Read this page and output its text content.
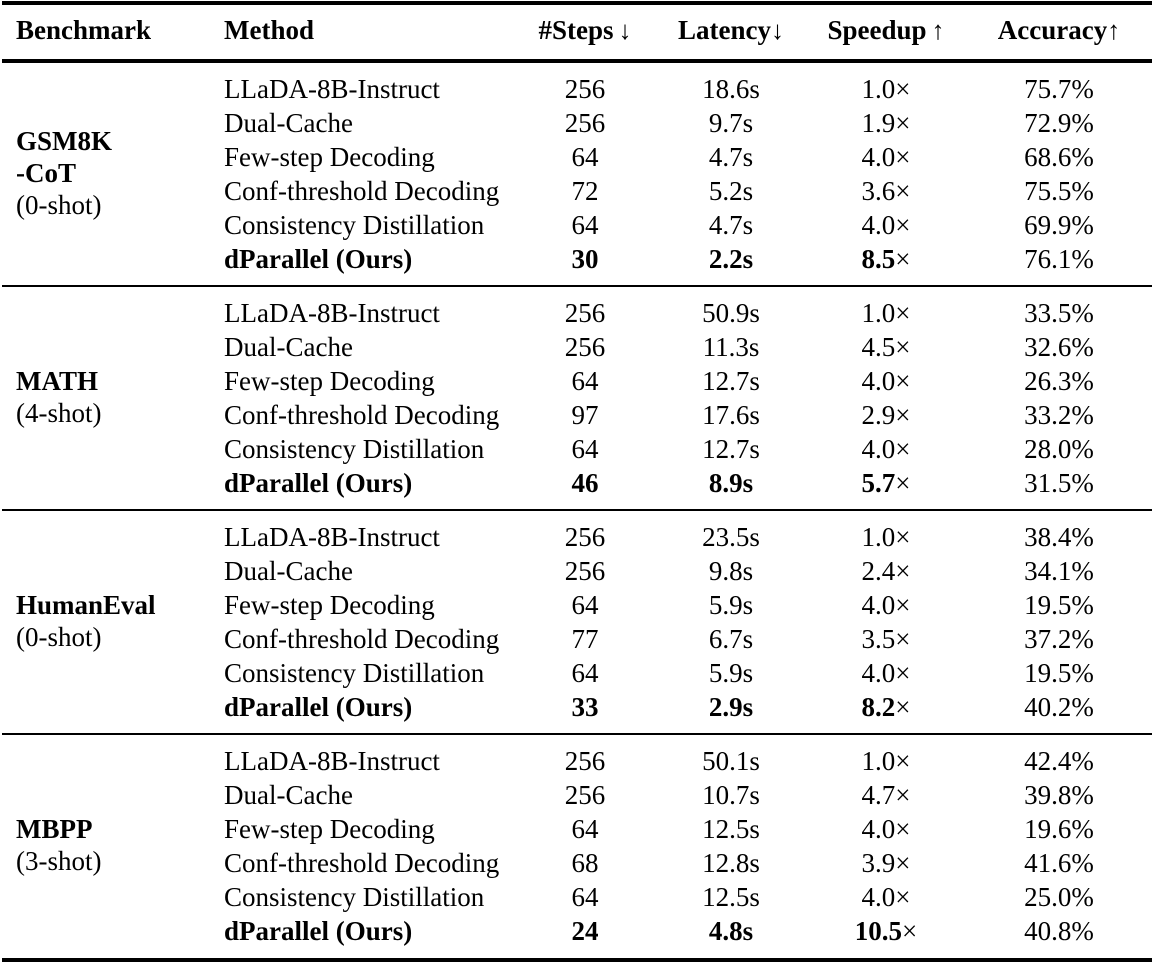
Benchmark	Method	#Steps ↓	Latency↓	Speedup ↑	Accuracy↑

GSM8K
-CoT
(0-shot)	LLaDA-8B-Instruct	256	18.6s	1.0×	75.7%
	Dual-Cache	256	9.7s	1.9×	72.9%
	Few-step Decoding	64	4.7s	4.0×	68.6%
	Conf-threshold Decoding	72	5.2s	3.6×	75.5%
	Consistency Distillation	64	4.7s	4.0×	69.9%
	dParallel (Ours)	30	2.2s	8.5×	76.1%

MATH
(4-shot)	LLaDA-8B-Instruct	256	50.9s	1.0×	33.5%
	Dual-Cache	256	11.3s	4.5×	32.6%
	Few-step Decoding	64	12.7s	4.0×	26.3%
	Conf-threshold Decoding	97	17.6s	2.9×	33.2%
	Consistency Distillation	64	12.7s	4.0×	28.0%
	dParallel (Ours)	46	8.9s	5.7×	31.5%

HumanEval
(0-shot)	LLaDA-8B-Instruct	256	23.5s	1.0×	38.4%
	Dual-Cache	256	9.8s	2.4×	34.1%
	Few-step Decoding	64	5.9s	4.0×	19.5%
	Conf-threshold Decoding	77	6.7s	3.5×	37.2%
	Consistency Distillation	64	5.9s	4.0×	19.5%
	dParallel (Ours)	33	2.9s	8.2×	40.2%

MBPP
(3-shot)	LLaDA-8B-Instruct	256	50.1s	1.0×	42.4%
	Dual-Cache	256	10.7s	4.7×	39.8%
	Few-step Decoding	64	12.5s	4.0×	19.6%
	Conf-threshold Decoding	68	12.8s	3.9×	41.6%
	Consistency Distillation	64	12.5s	4.0×	25.0%
	dParallel (Ours)	24	4.8s	10.5×	40.8%
